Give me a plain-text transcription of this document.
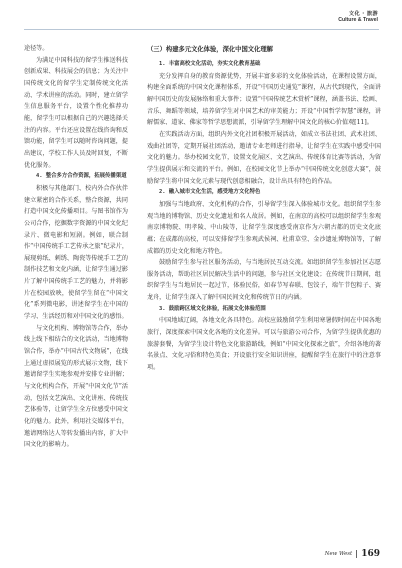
文化 · 旅游
Culture & Travel

途径等。

为满足中国科技的留学生推送科技创新成果、科技展会的信息；为关注中国传统文化的留学生定制传统文化活动、学术讲座的活动。同时，建立留学生信息服务平台，设置个性化推荐功能，留学生可以根据自己的兴趣选择关注的内容。平台还应设置在线咨询和反馈功能，留学生可以随时咨询问题，提出建议，学校工作人员及时回复，不断优化服务。

4. 整合多方合作资源，拓展传播渠道

积极与其他部门、校内外合作伙伴建立紧密的合作关系，整合资源，共同打造中国文化传播项目。与图书馆作为公司合作，挖掘数字资源的中国文化纪录片、微电影和短剧。例如，联合制作“中国传统手工艺传承之旅”纪录片，展现剪纸、刺绣、陶瓷等传统手工艺的制作技艺和文化内涵，让留学生通过影片了解中国传统手工艺的魅力，并将影片在校园放映，使留学生留在“中国文化”系列微电影，讲述留学生在中国的学习、生活经历和对中国文化的感悟。

与文化机构、博物馆等合作，举办线上线下相结合的文化活动，当地博物馆合作，举办“中国古代文物展”，在线上通过虚拟展览的形式展示文物，线下邀请留学生实地参观并安排专业讲解；与文化机构合作，开展“中国文化节”活动，包括文艺演出、文化讲座、传统技艺体验等，让留学生全方位感受中国文化的魅力。此外，利用社交媒体平台，邀请网络达人等转发播出内容，扩大中国文化的影响力。

（三）构建多元文化体验，深化中国文化理解

1. 丰富高校文化活动，夯实文化教育基础

充分发挥自身的教育资源优势，开展丰富多彩的文化体验活动，在课程设置方面，构建全面系统的中国文化课程体系，开设“中国历史通览”课程，从古代到现代，全面讲解中国历史的发展脉络和重大事件；设置“中国传统艺术赏析”课程，涵盖书法、绘画、音乐、舞蹈等领域，培养留学生对中国艺术的审美能力；开设“中国哲学智慧”课程，讲解儒家、道家、佛家等哲学思想流派，引导留学生理解中国文化的核心价值观[11]。

在实践活动方面，组织内外文化社团积极开展活动，如成立书法社团、武术社团、戏曲社团等，定期开展社团活动，邀请专业老师进行指导，让留学生在实践中感受中国文化的魅力。举办校园文化节，设置文化展区、文艺演出、传统体育比赛等活动，为留学生提供展示和交流的平台。例如，在校园文化节上举办“中国传统文化创意大赛”，鼓励留学生将中国文化元素与现代创意相融合，设计出具有特色的作品。

2. 融入城市文化生活，感受地方文化特色

加强与当地政府、文化机构的合作，引导留学生深入体验城市文化。组织留学生参观当地的博物馆、历史文化遗址和名人故居。例如，在南京的高校可以组织留学生参观南京博物院、明孝陵、中山陵等，让留学生深度感受南京作为六朝古都的历史文化底蕴；在成都的高校，可以安排留学生参观武侯祠、杜甫草堂、金沙遗址博物馆等，了解成都的历史文化和地方特色。

鼓励留学生参与社区服务活动，与当地居民互动交流。如组织留学生参加社区志愿服务活动，帮助社区居民解决生活中的问题，参与社区文化建设；在传统节日期间，组织留学生与当地居民一起过节，体验民俗，如春节写春联、包饺子，端午节包粽子、赛龙舟，让留学生深入了解中国民间文化和传统节日的内涵。

3. 鼓励跨区域文化体验，拓展文化体验范围

中国地域辽阔，各地文化各具特色。高校应鼓励留学生利用寒暑假时间在中国各地旅行，深度探索中国文化各地的文化差异。可以与旅游公司合作，为留学生提供优惠的旅游套餐，为留学生设计特色文化旅游路线，例如“中国文化探索之旅”，介绍各地的著名景点、文化习俗和特色美食；开设旅行安全知识讲座，提醒留学生在旅行中的注意事项。

New West 169
